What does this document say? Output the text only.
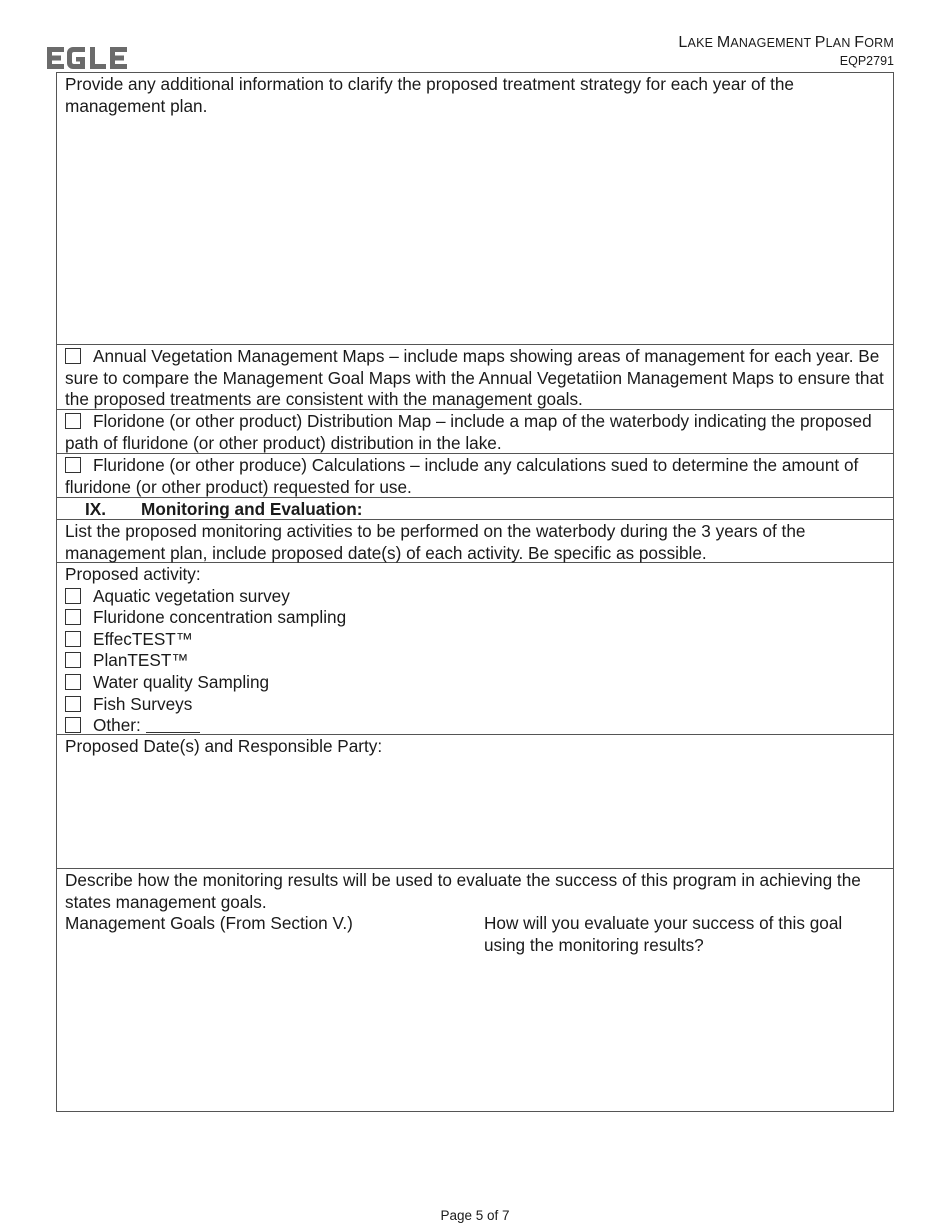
LAKE MANAGEMENT PLAN FORM
EQP2791
Provide any additional information to clarify the proposed treatment strategy for each year of the management plan.
Annual Vegetation Management Maps – include maps showing areas of management for each year. Be sure to compare the Management Goal Maps with the Annual Vegetatiion Management Maps to ensure that the proposed treatments are consistent with the management goals.
Floridone (or other product) Distribution Map – include a map of the waterbody indicating the proposed path of fluridone (or other product) distribution in the lake.
Fluridone (or other produce) Calculations – include any calculations sued to determine the amount of fluridone (or other product) requested for use.
IX. Monitoring and Evaluation:
List the proposed monitoring activities to be performed on the waterbody during the 3 years of the management plan, include proposed date(s) of each activity. Be specific as possible.
Proposed activity:
Aquatic vegetation survey
Fluridone concentration sampling
EffecTEST™
PlanTEST™
Water quality Sampling
Fish Surveys
Other:
Proposed Date(s) and Responsible Party:
Describe how the monitoring results will be used to evaluate the success of this program in achieving the states management goals.
Management Goals (From Section V.)	How will you evaluate your success of this goal using the monitoring results?
Page 5 of 7
